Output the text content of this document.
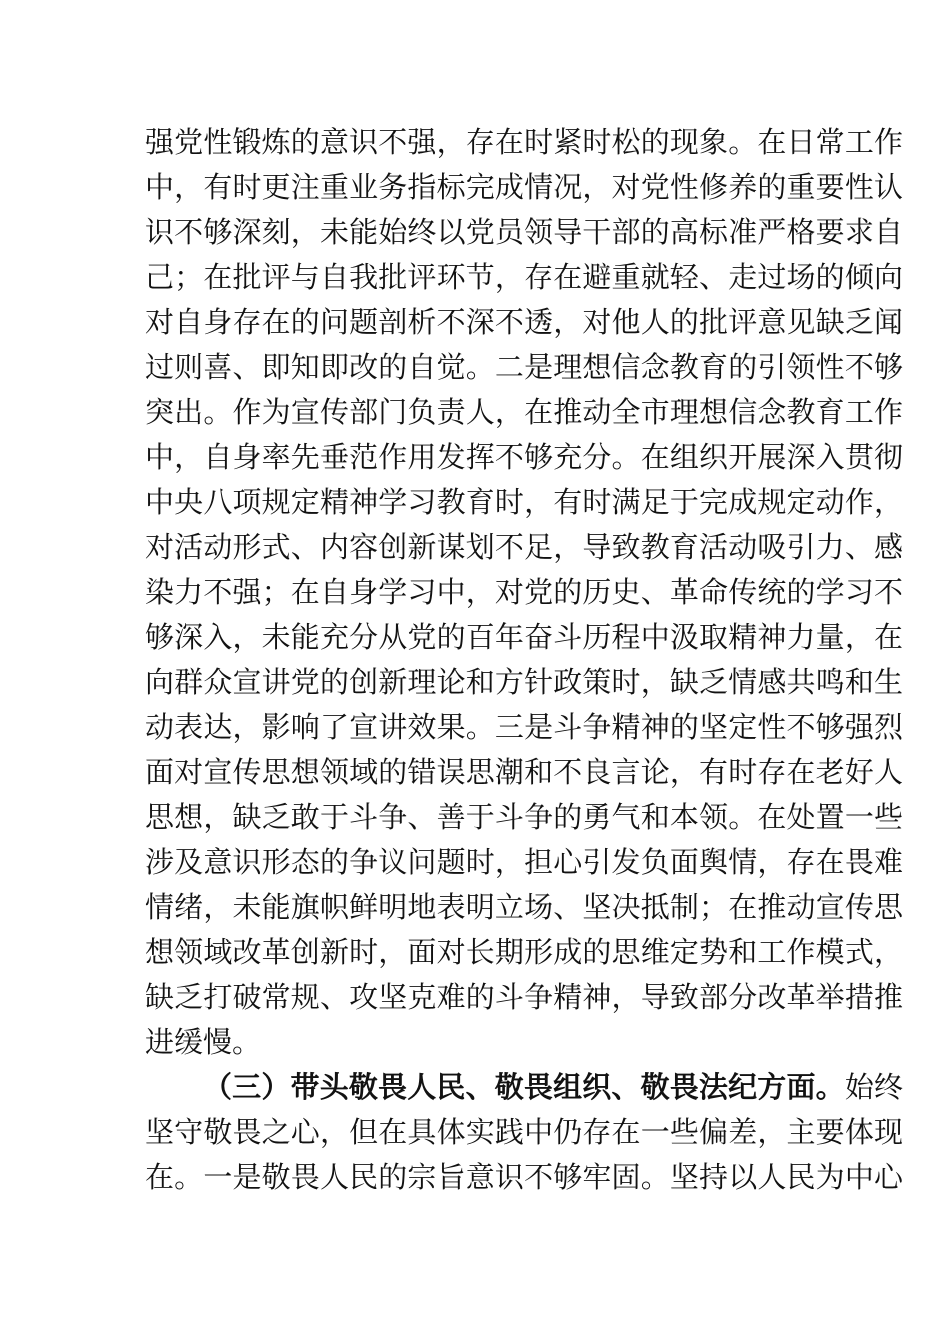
强党性锻炼的意识不强，存在时紧时松的现象。在日常工作
中，有时更注重业务指标完成情况，对党性修养的重要性认
识不够深刻，未能始终以党员领导干部的高标准严格要求自
己；在批评与自我批评环节，存在避重就轻、走过场的倾向
对自身存在的问题剖析不深不透，对他人的批评意见缺乏闻
过则喜、即知即改的自觉。二是理想信念教育的引领性不够
突出。作为宣传部门负责人，在推动全市理想信念教育工作
中，自身率先垂范作用发挥不够充分。在组织开展深入贯彻
中央八项规定精神学习教育时，有时满足于完成规定动作，
对活动形式、内容创新谋划不足，导致教育活动吸引力、感
染力不强；在自身学习中，对党的历史、革命传统的学习不
够深入，未能充分从党的百年奋斗历程中汲取精神力量，在
向群众宣讲党的创新理论和方针政策时，缺乏情感共鸣和生
动表达，影响了宣讲效果。三是斗争精神的坚定性不够强烈
面对宣传思想领域的错误思潮和不良言论，有时存在老好人
思想，缺乏敢于斗争、善于斗争的勇气和本领。在处置一些
涉及意识形态的争议问题时，担心引发负面舆情，存在畏难
情绪，未能旗帜鲜明地表明立场、坚决抵制；在推动宣传思
想领域改革创新时，面对长期形成的思维定势和工作模式，
缺乏打破常规、攻坚克难的斗争精神，导致部分改革举措推
进缓慢。
（三）带头敬畏人民、敬畏组织、敬畏法纪方面。始终
坚守敬畏之心，但在具体实践中仍存在一些偏差，主要体现
在。一是敬畏人民的宗旨意识不够牢固。坚持以人民为中心
